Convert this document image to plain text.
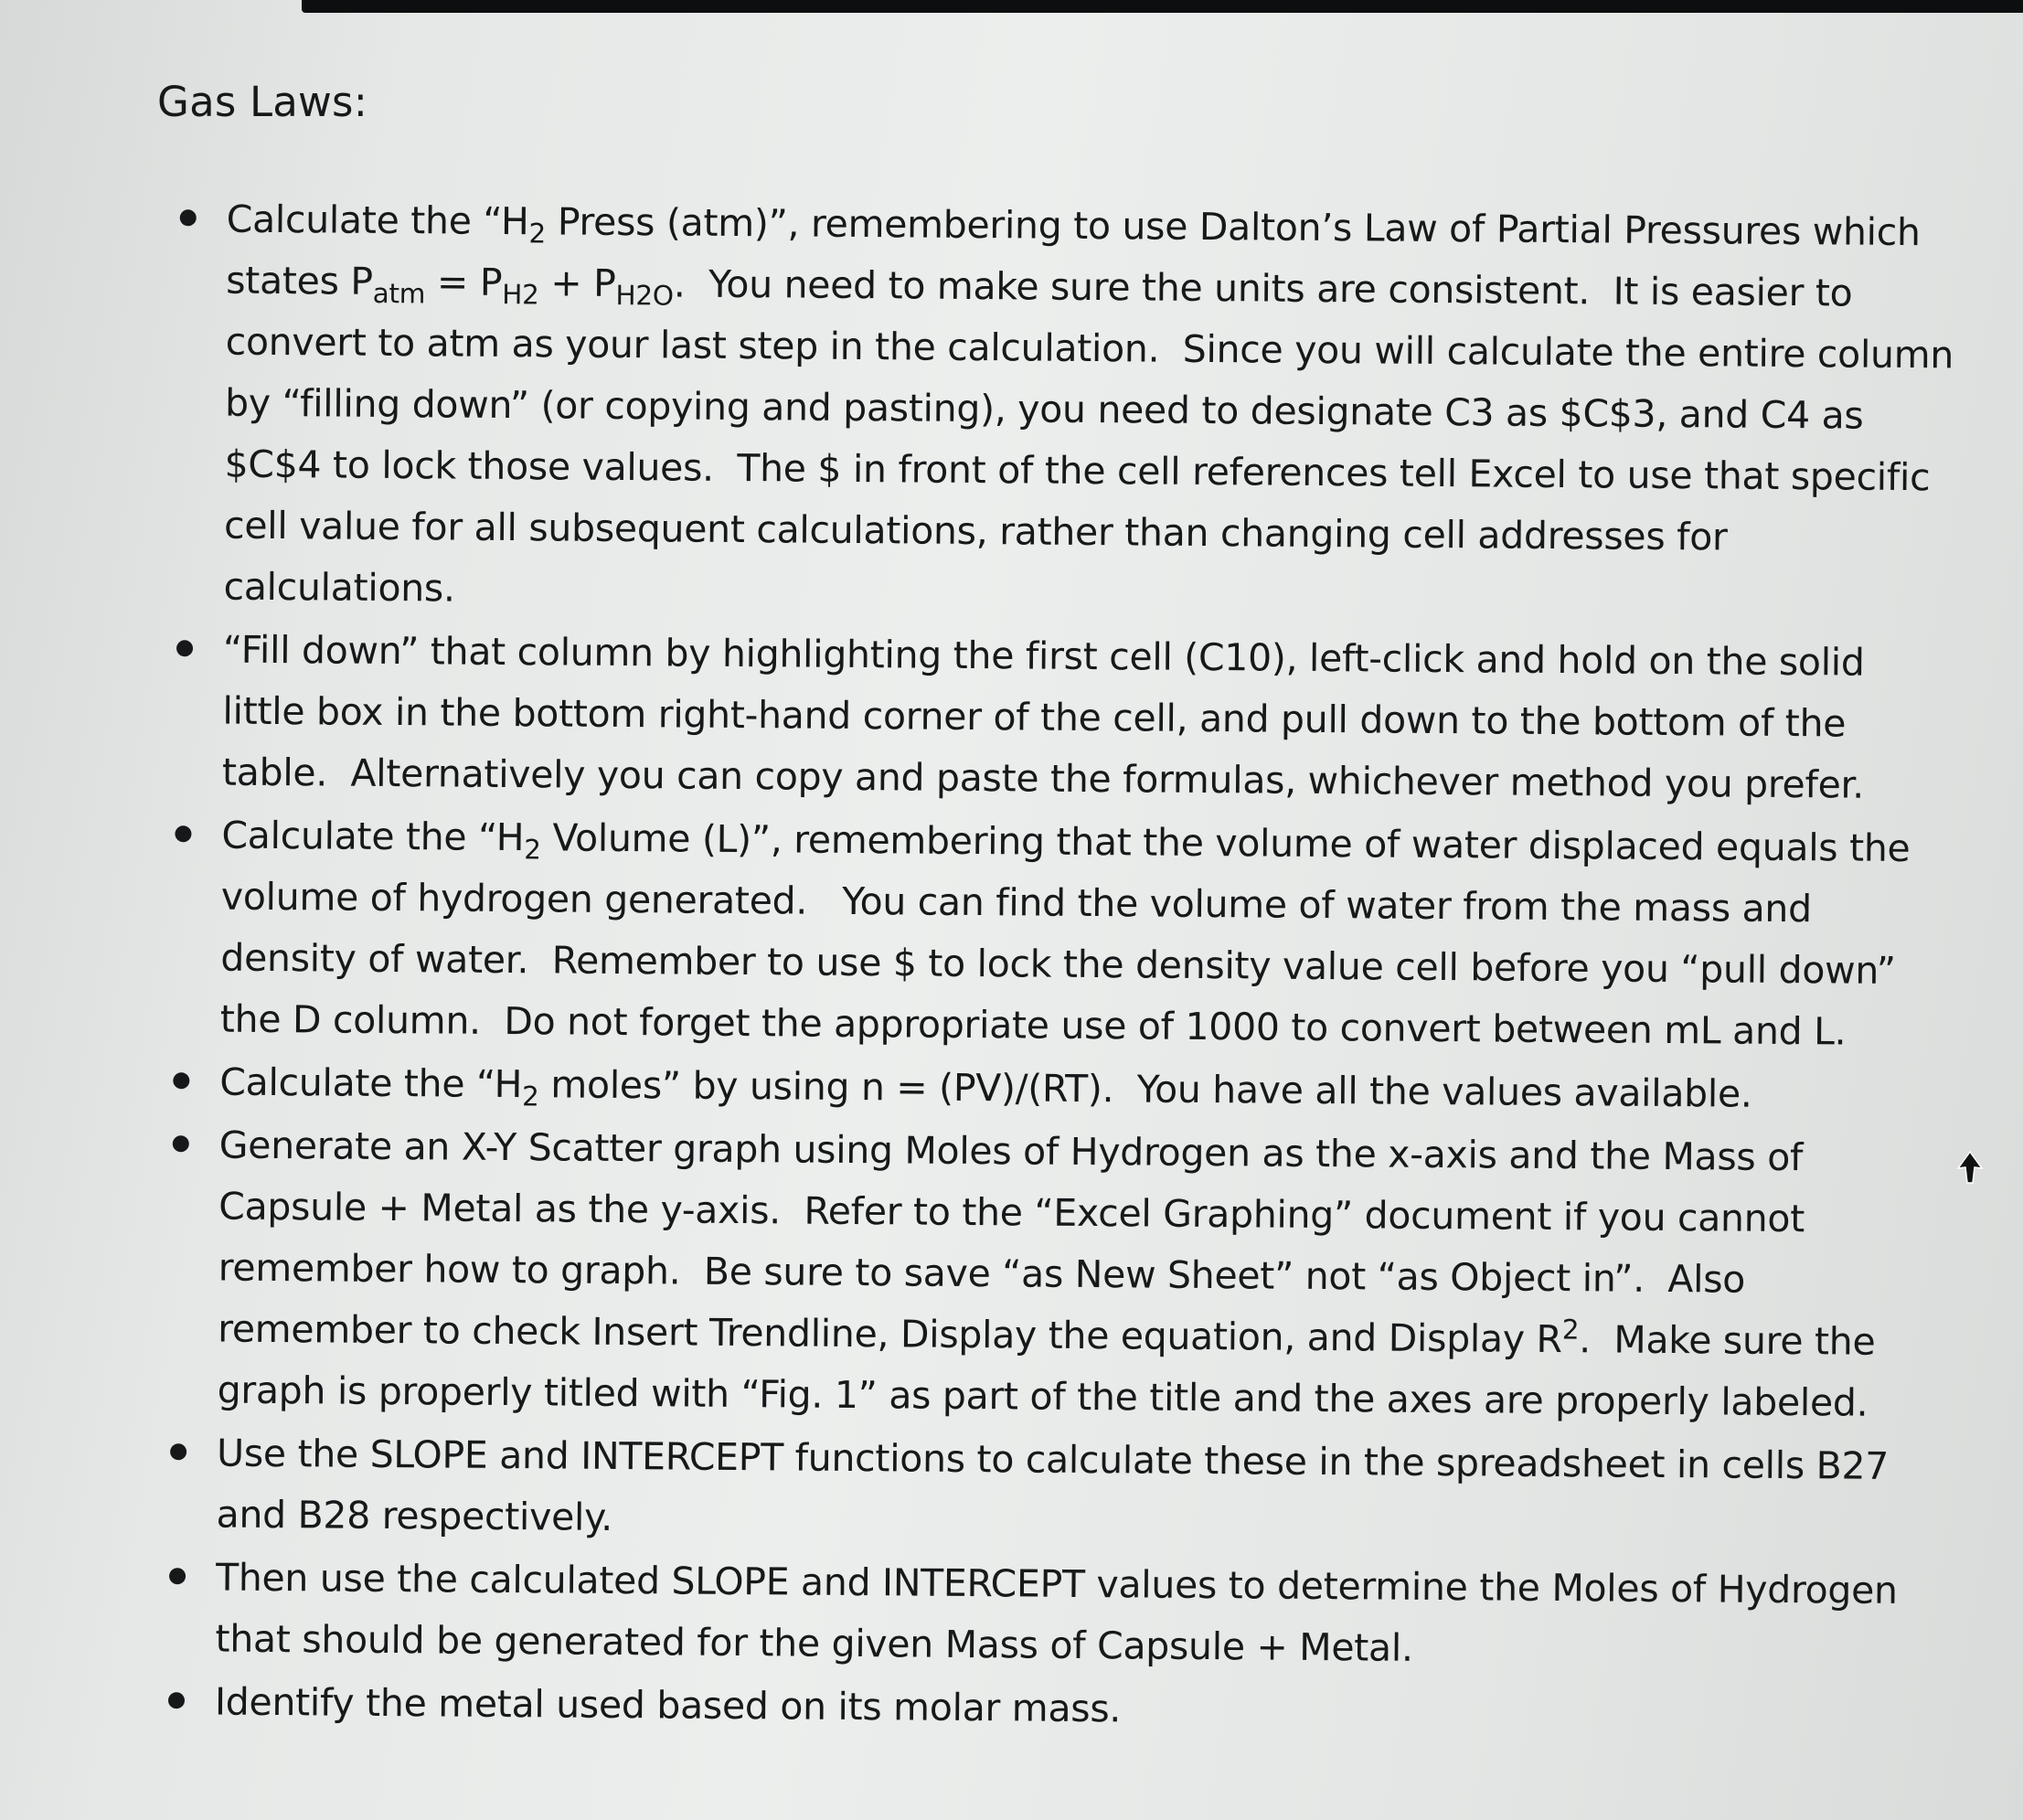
Gas Laws:
Calculate the “$H_2$ Press (atm)”, remembering to use Dalton’s Law of Partial Pressures which states $P_{atm} = P_{H2} + P_{H2O}$.  You need to make sure the units are consistent.  It is easier to convert to atm as your last step in the calculation.  Since you will calculate the entire column by “filling down” (or copying and pasting), you need to designate C3 as $C$3, and C4 as $C$4 to lock those values.  The $ in front of the cell references tell Excel to use that specific cell value for all subsequent calculations, rather than changing cell addresses for calculations.
“Fill down” that column by highlighting the first cell (C10), left-click and hold on the solid little box in the bottom right-hand corner of the cell, and pull down to the bottom of the table.  Alternatively you can copy and paste the formulas, whichever method you prefer.
Calculate the “$H_2$ Volume (L)”, remembering that the volume of water displaced equals the volume of hydrogen generated.   You can find the volume of water from the mass and density of water.  Remember to use $ to lock the density value cell before you “pull down” the D column.  Do not forget the appropriate use of 1000 to convert between mL and L.
Calculate the “$H_2$ moles” by using n = (PV)/(RT).  You have all the values available.
Generate an X-Y Scatter graph using Moles of Hydrogen as the x-axis and the Mass of Capsule + Metal as the y-axis.  Refer to the “Excel Graphing” document if you cannot remember how to graph.  Be sure to save “as New Sheet” not “as Object in”.  Also remember to check Insert Trendline, Display the equation, and Display $R^2$.  Make sure the graph is properly titled with “Fig. 1” as part of the title and the axes are properly labeled.
Use the SLOPE and INTERCEPT functions to calculate these in the spreadsheet in cells B27 and B28 respectively.
Then use the calculated SLOPE and INTERCEPT values to determine the Moles of Hydrogen that should be generated for the given Mass of Capsule + Metal.
Identify the metal used based on its molar mass.
